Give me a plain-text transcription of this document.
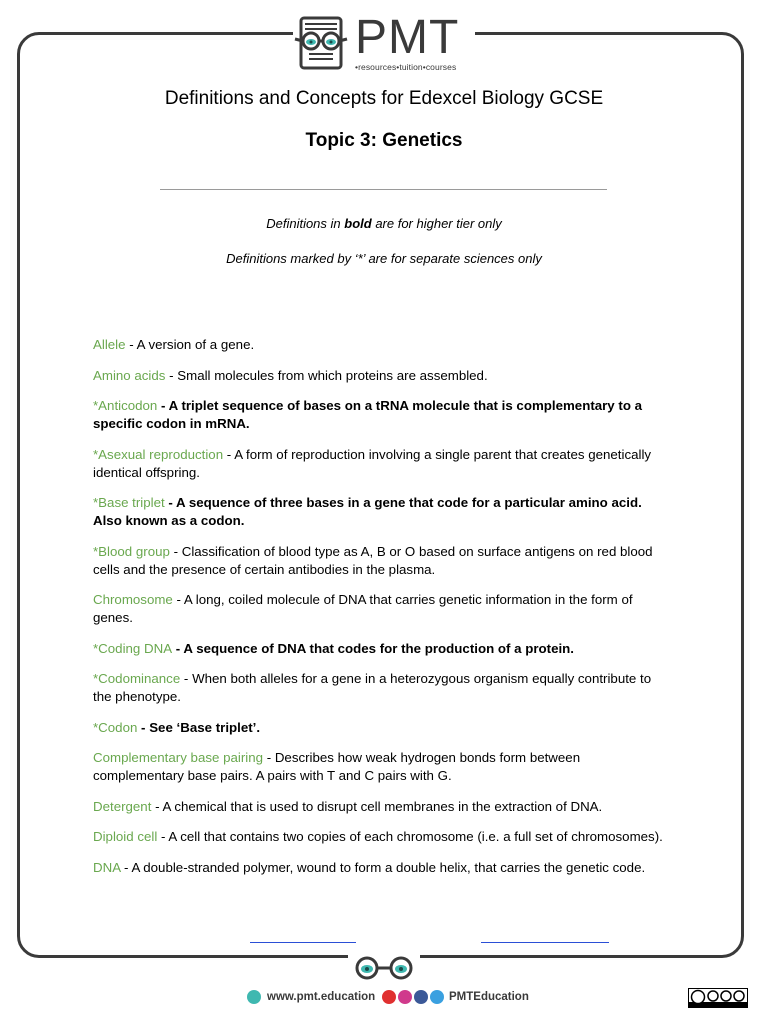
PMT
•resources•tuition•courses
Definitions and Concepts for Edexcel Biology GCSE
Topic 3: Genetics
Definitions in bold are for higher tier only
Definitions marked by ‘*’ are for separate sciences only

Allele - A version of a gene.

Amino acids - Small molecules from which proteins are assembled.

*Anticodon - A triplet sequence of bases on a tRNA molecule that is complementary to a specific codon in mRNA.

*Asexual reproduction - A form of reproduction involving a single parent that creates genetically identical offspring.

*Base triplet - A sequence of three bases in a gene that code for a particular amino acid. Also known as a codon.

*Blood group - Classification of blood type as A, B or O based on surface antigens on red blood cells and the presence of certain antibodies in the plasma.

Chromosome - A long, coiled molecule of DNA that carries genetic information in the form of genes.

*Coding DNA - A sequence of DNA that codes for the production of a protein.

*Codominance - When both alleles for a gene in a heterozygous organism equally contribute to the phenotype.

*Codon - See ‘Base triplet’.

Complementary base pairing - Describes how weak hydrogen bonds form between complementary base pairs. A pairs with T and C pairs with G.

Detergent - A chemical that is used to disrupt cell membranes in the extraction of DNA.

Diploid cell - A cell that contains two copies of each chromosome (i.e. a full set of chromosomes).

DNA - A double-stranded polymer, wound to form a double helix, that carries the genetic code.

www.pmt.education	PMTEducation
